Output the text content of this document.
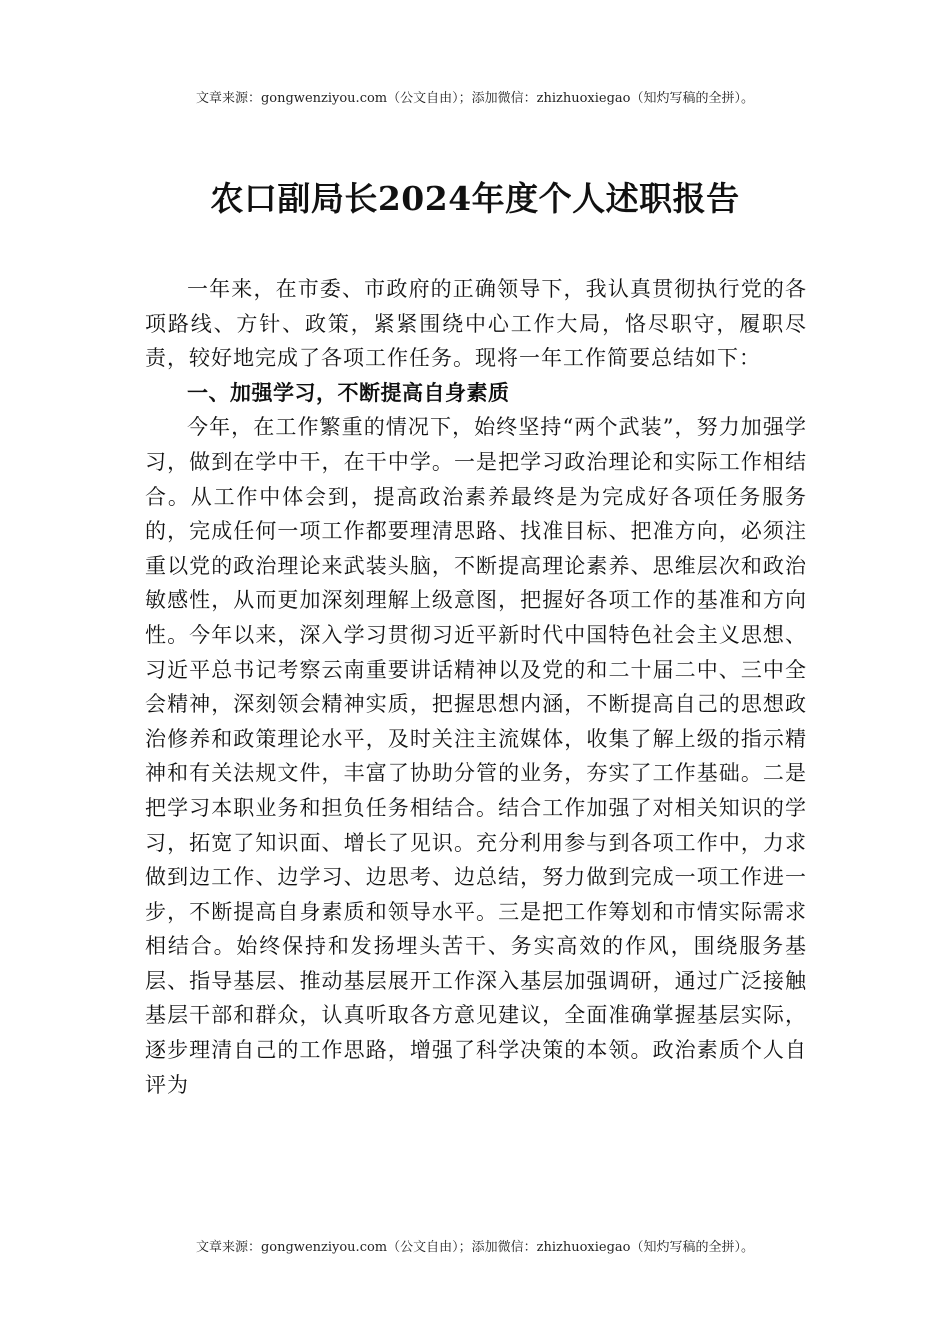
文章来源：gongwenziyou.com（公文自由）；添加微信：zhizhuoxiegao（知灼写稿的全拼）。
农口副局长2024年度个人述职报告

一年来，在市委、市政府的正确领导下，我认真贯彻执行党的各项路线、方针、政策，紧紧围绕中心工作大局，恪尽职守，履职尽责，较好地完成了各项工作任务。现将一年工作简要总结如下：

一、加强学习，不断提高自身素质

今年，在工作繁重的情况下，始终坚持“两个武装”，努力加强学习，做到在学中干，在干中学。一是把学习政治理论和实际工作相结合。从工作中体会到，提高政治素养最终是为完成好各项任务服务的，完成任何一项工作都要理清思路、找准目标、把准方向，必须注重以党的政治理论来武装头脑，不断提高理论素养、思维层次和政治敏感性，从而更加深刻理解上级意图，把握好各项工作的基准和方向性。今年以来，深入学习贯彻习近平新时代中国特色社会主义思想、习近平总书记考察云南重要讲话精神以及党的和二十届二中、三中全会精神，深刻领会精神实质，把握思想内涵，不断提高自己的思想政治修养和政策理论水平，及时关注主流媒体，收集了解上级的指示精神和有关法规文件，丰富了协助分管的业务，夯实了工作基础。二是把学习本职业务和担负任务相结合。结合工作加强了对相关知识的学习，拓宽了知识面、增长了见识。充分利用参与到各项工作中，力求做到边工作、边学习、边思考、边总结，努力做到完成一项工作进一步，不断提高自身素质和领导水平。三是把工作筹划和市情实际需求相结合。始终保持和发扬埋头苦干、务实高效的作风，围绕服务基层、指导基层、推动基层展开工作深入基层加强调研，通过广泛接触基层干部和群众，认真听取各方意见建议，全面准确掌握基层实际，逐步理清自己的工作思路，增强了科学决策的本领。政治素质个人自评为

文章来源：gongwenziyou.com（公文自由）；添加微信：zhizhuoxiegao（知灼写稿的全拼）。
